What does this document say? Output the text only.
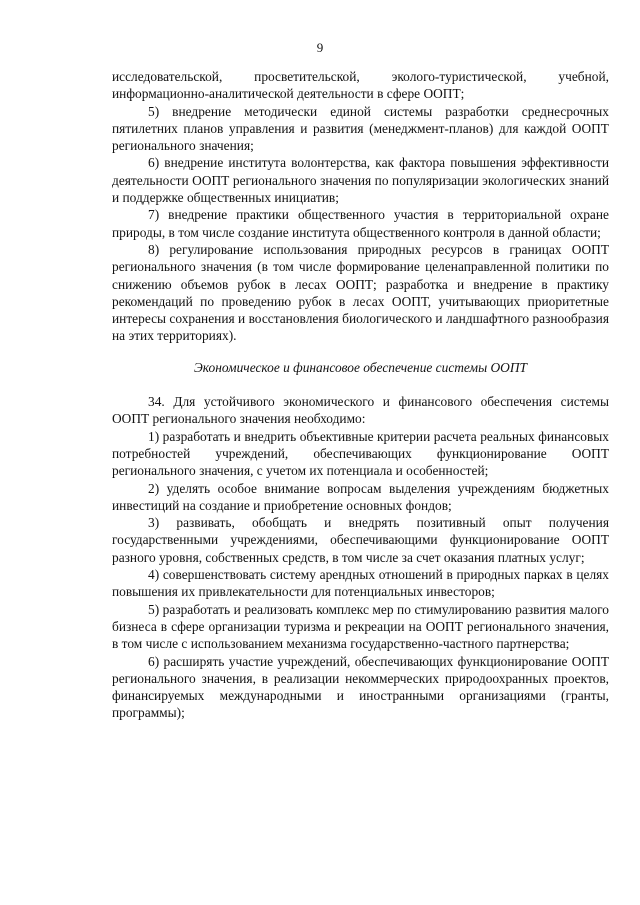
9

исследовательской, просветительской, эколого-туристической, учебной, информационно-аналитической деятельности в сфере ООПТ;

5) внедрение методически единой системы разработки среднесрочных пятилетних планов управления и развития (менеджмент-планов) для каждой ООПТ регионального значения;

6) внедрение института волонтерства, как фактора повышения эффективности деятельности ООПТ регионального значения по популяризации экологических знаний и поддержке общественных инициатив;

7) внедрение практики общественного участия в территориальной охране природы, в том числе создание института общественного контроля в данной области;

8) регулирование использования природных ресурсов в границах ООПТ регионального значения (в том числе формирование целенаправленной политики по снижению объемов рубок в лесах ООПТ; разработка и внедрение в практику рекомендаций по проведению рубок в лесах ООПТ, учитывающих приоритетные интересы сохранения и восстановления биологического и ландшафтного разнообразия на этих территориях).

Экономическое и финансовое обеспечение системы ООПТ

34. Для устойчивого экономического и финансового обеспечения системы ООПТ регионального значения необходимо:

1) разработать и внедрить объективные критерии расчета реальных финансовых потребностей учреждений, обеспечивающих функционирование ООПТ регионального значения, с учетом их потенциала и особенностей;

2) уделять особое внимание вопросам выделения учреждениям бюджетных инвестиций на создание и приобретение основных фондов;

3) развивать, обобщать и внедрять позитивный опыт получения государственными учреждениями, обеспечивающими функционирование ООПТ разного уровня, собственных средств, в том числе за счет оказания платных услуг;

4) совершенствовать систему арендных отношений в природных парках в целях повышения их привлекательности для потенциальных инвесторов;

5) разработать и реализовать комплекс мер по стимулированию развития малого бизнеса в сфере организации туризма и рекреации на ООПТ регионального значения, в том числе с использованием механизма государственно-частного партнерства;

6) расширять участие учреждений, обеспечивающих функционирование ООПТ регионального значения, в реализации некоммерческих природоохранных проектов, финансируемых международными и иностранными организациями (гранты, программы);
